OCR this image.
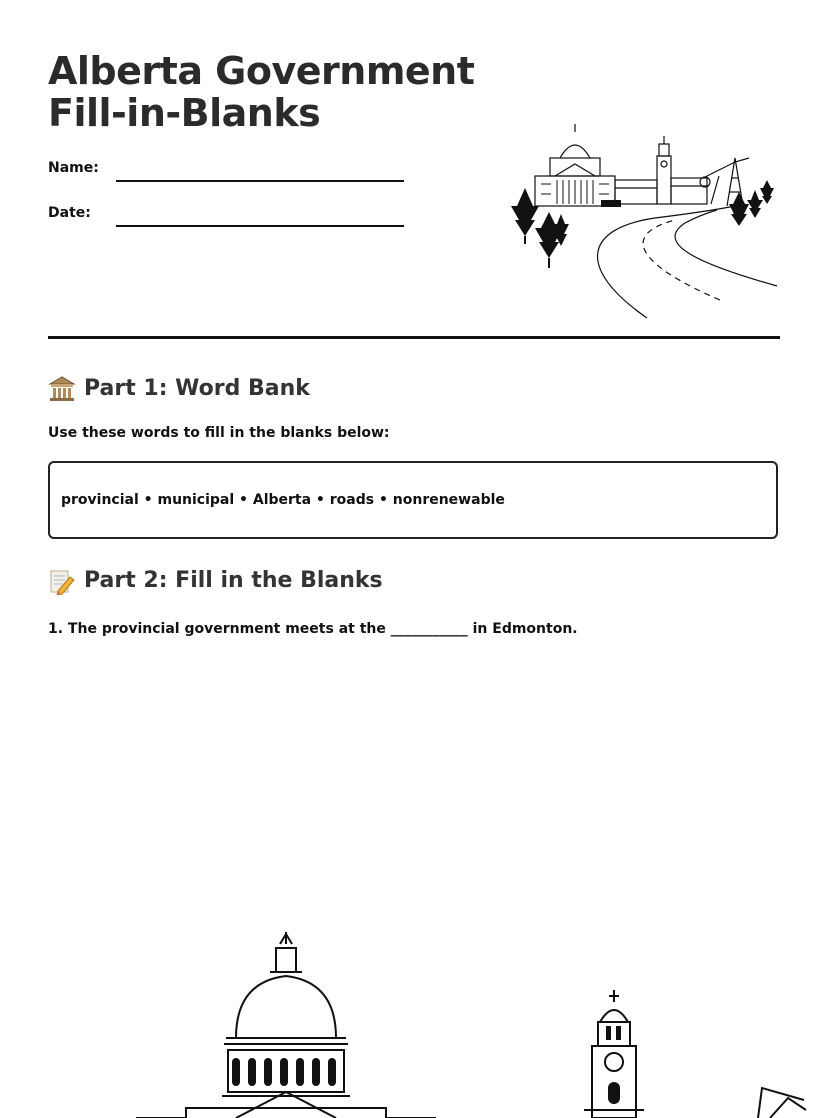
Alberta Government
Fill-in-Blanks
Name:
Date:
Part 1: Word Bank

Use these words to fill in the blanks below:

provincial • municipal • Alberta • roads • nonrenewable
Part 2: Fill in the Blanks

1. The provincial government meets at the ___________ in Edmonton.
